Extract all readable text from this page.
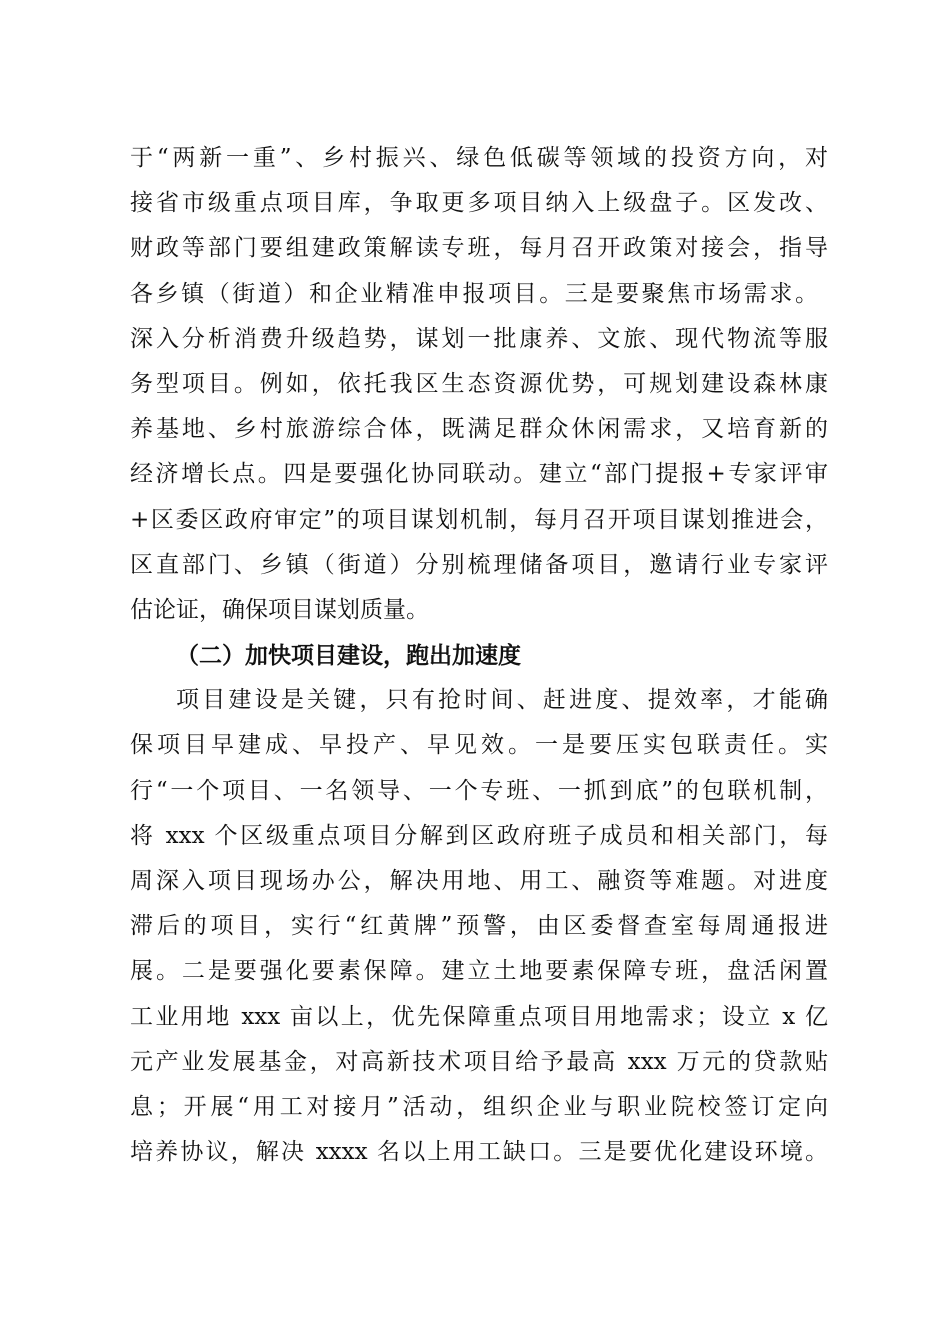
于“两新一重”、乡村振兴、绿色低碳等领域的投资方向，对
接省市级重点项目库，争取更多项目纳入上级盘子。区发改、
财政等部门要组建政策解读专班，每月召开政策对接会，指导
各乡镇（街道）和企业精准申报项目。三是要聚焦市场需求。
深入分析消费升级趋势，谋划一批康养、文旅、现代物流等服
务型项目。例如，依托我区生态资源优势，可规划建设森林康
养基地、乡村旅游综合体，既满足群众休闲需求，又培育新的
经济增长点。四是要强化协同联动。建立“部门提报+专家评审
+区委区政府审定”的项目谋划机制，每月召开项目谋划推进会，
区直部门、乡镇（街道）分别梳理储备项目，邀请行业专家评
估论证，确保项目谋划质量。
（二）加快项目建设，跑出加速度
项目建设是关键，只有抢时间、赶进度、提效率，才能确
保项目早建成、早投产、早见效。一是要压实包联责任。实
行“一个项目、一名领导、一个专班、一抓到底”的包联机制，
将 xxx 个区级重点项目分解到区政府班子成员和相关部门，每
周深入项目现场办公，解决用地、用工、融资等难题。对进度
滞后的项目，实行“红黄牌”预警，由区委督查室每周通报进
展。二是要强化要素保障。建立土地要素保障专班，盘活闲置
工业用地 xxx 亩以上，优先保障重点项目用地需求；设立 x 亿
元产业发展基金，对高新技术项目给予最高 xxx 万元的贷款贴
息；开展“用工对接月”活动，组织企业与职业院校签订定向
培养协议，解决 xxxx 名以上用工缺口。三是要优化建设环境。
